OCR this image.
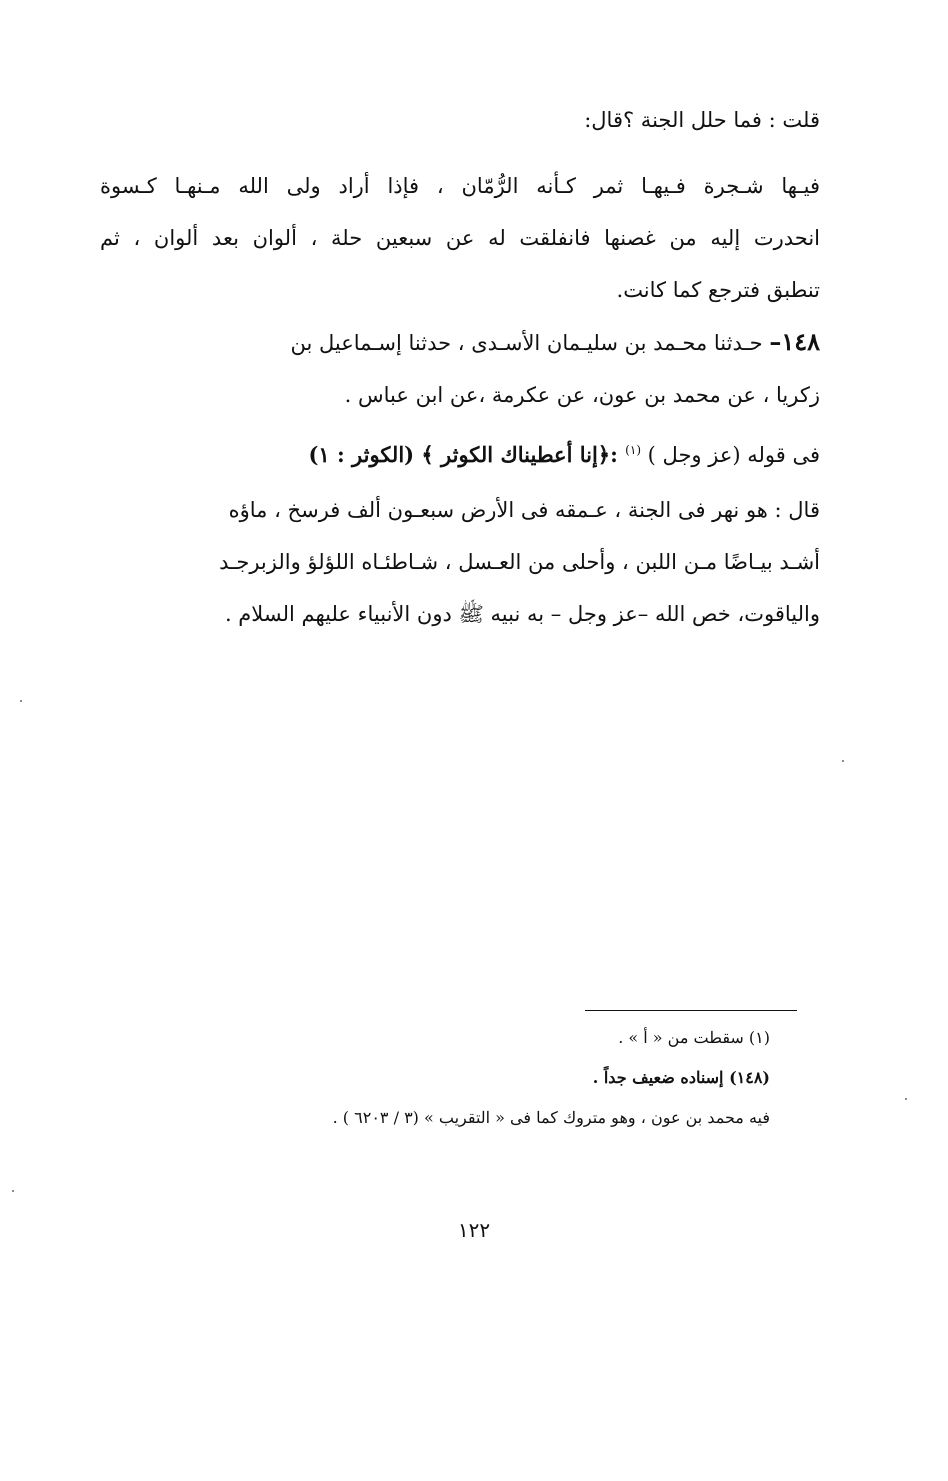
قلت : فما حلل الجنة ؟قال:
فيـها شـجرة فـيهـا ثمر كـأنه الرُّمّان ، فإذا أراد ولى الله مـنهـا كـسوة
انحدرت إليه من غصنها فانفلقت له عن سبعين حلة ، ألوان بعد ألوان ، ثم
تنطبق فترجع كما كانت.
١٤٨– حـدثنا محـمد بن سليـمان الأسـدى ، حدثنا إسـماعيل بن
زكريا ، عن محمد بن عون، عن عكرمة ،عن ابن عباس .
فى قوله (عز وجل ) $^{(١)}$ :﴿إنا أعطيناك الكوثر ﴾ (الكوثر : ١)
قال : هو نهر فى الجنة ، عـمقه فى الأرض سبعـون ألف فرسخ ، ماؤه
أشـد بيـاضًا مـن اللبن ، وأحلى من العـسل ، شـاطئـاه اللؤلؤ والزبرجـد
والياقوت، خص الله –عز وجل – به نبيه ﷺ دون الأنبياء عليهم السلام .
(١) سقطت من « أ » .
(١٤٨) إسناده ضعيف جداً .
فيه محمد بن عون ، وهو متروك كما فى « التقريب » (٣ / ٦٢٠٣ ) .
١٢٢
